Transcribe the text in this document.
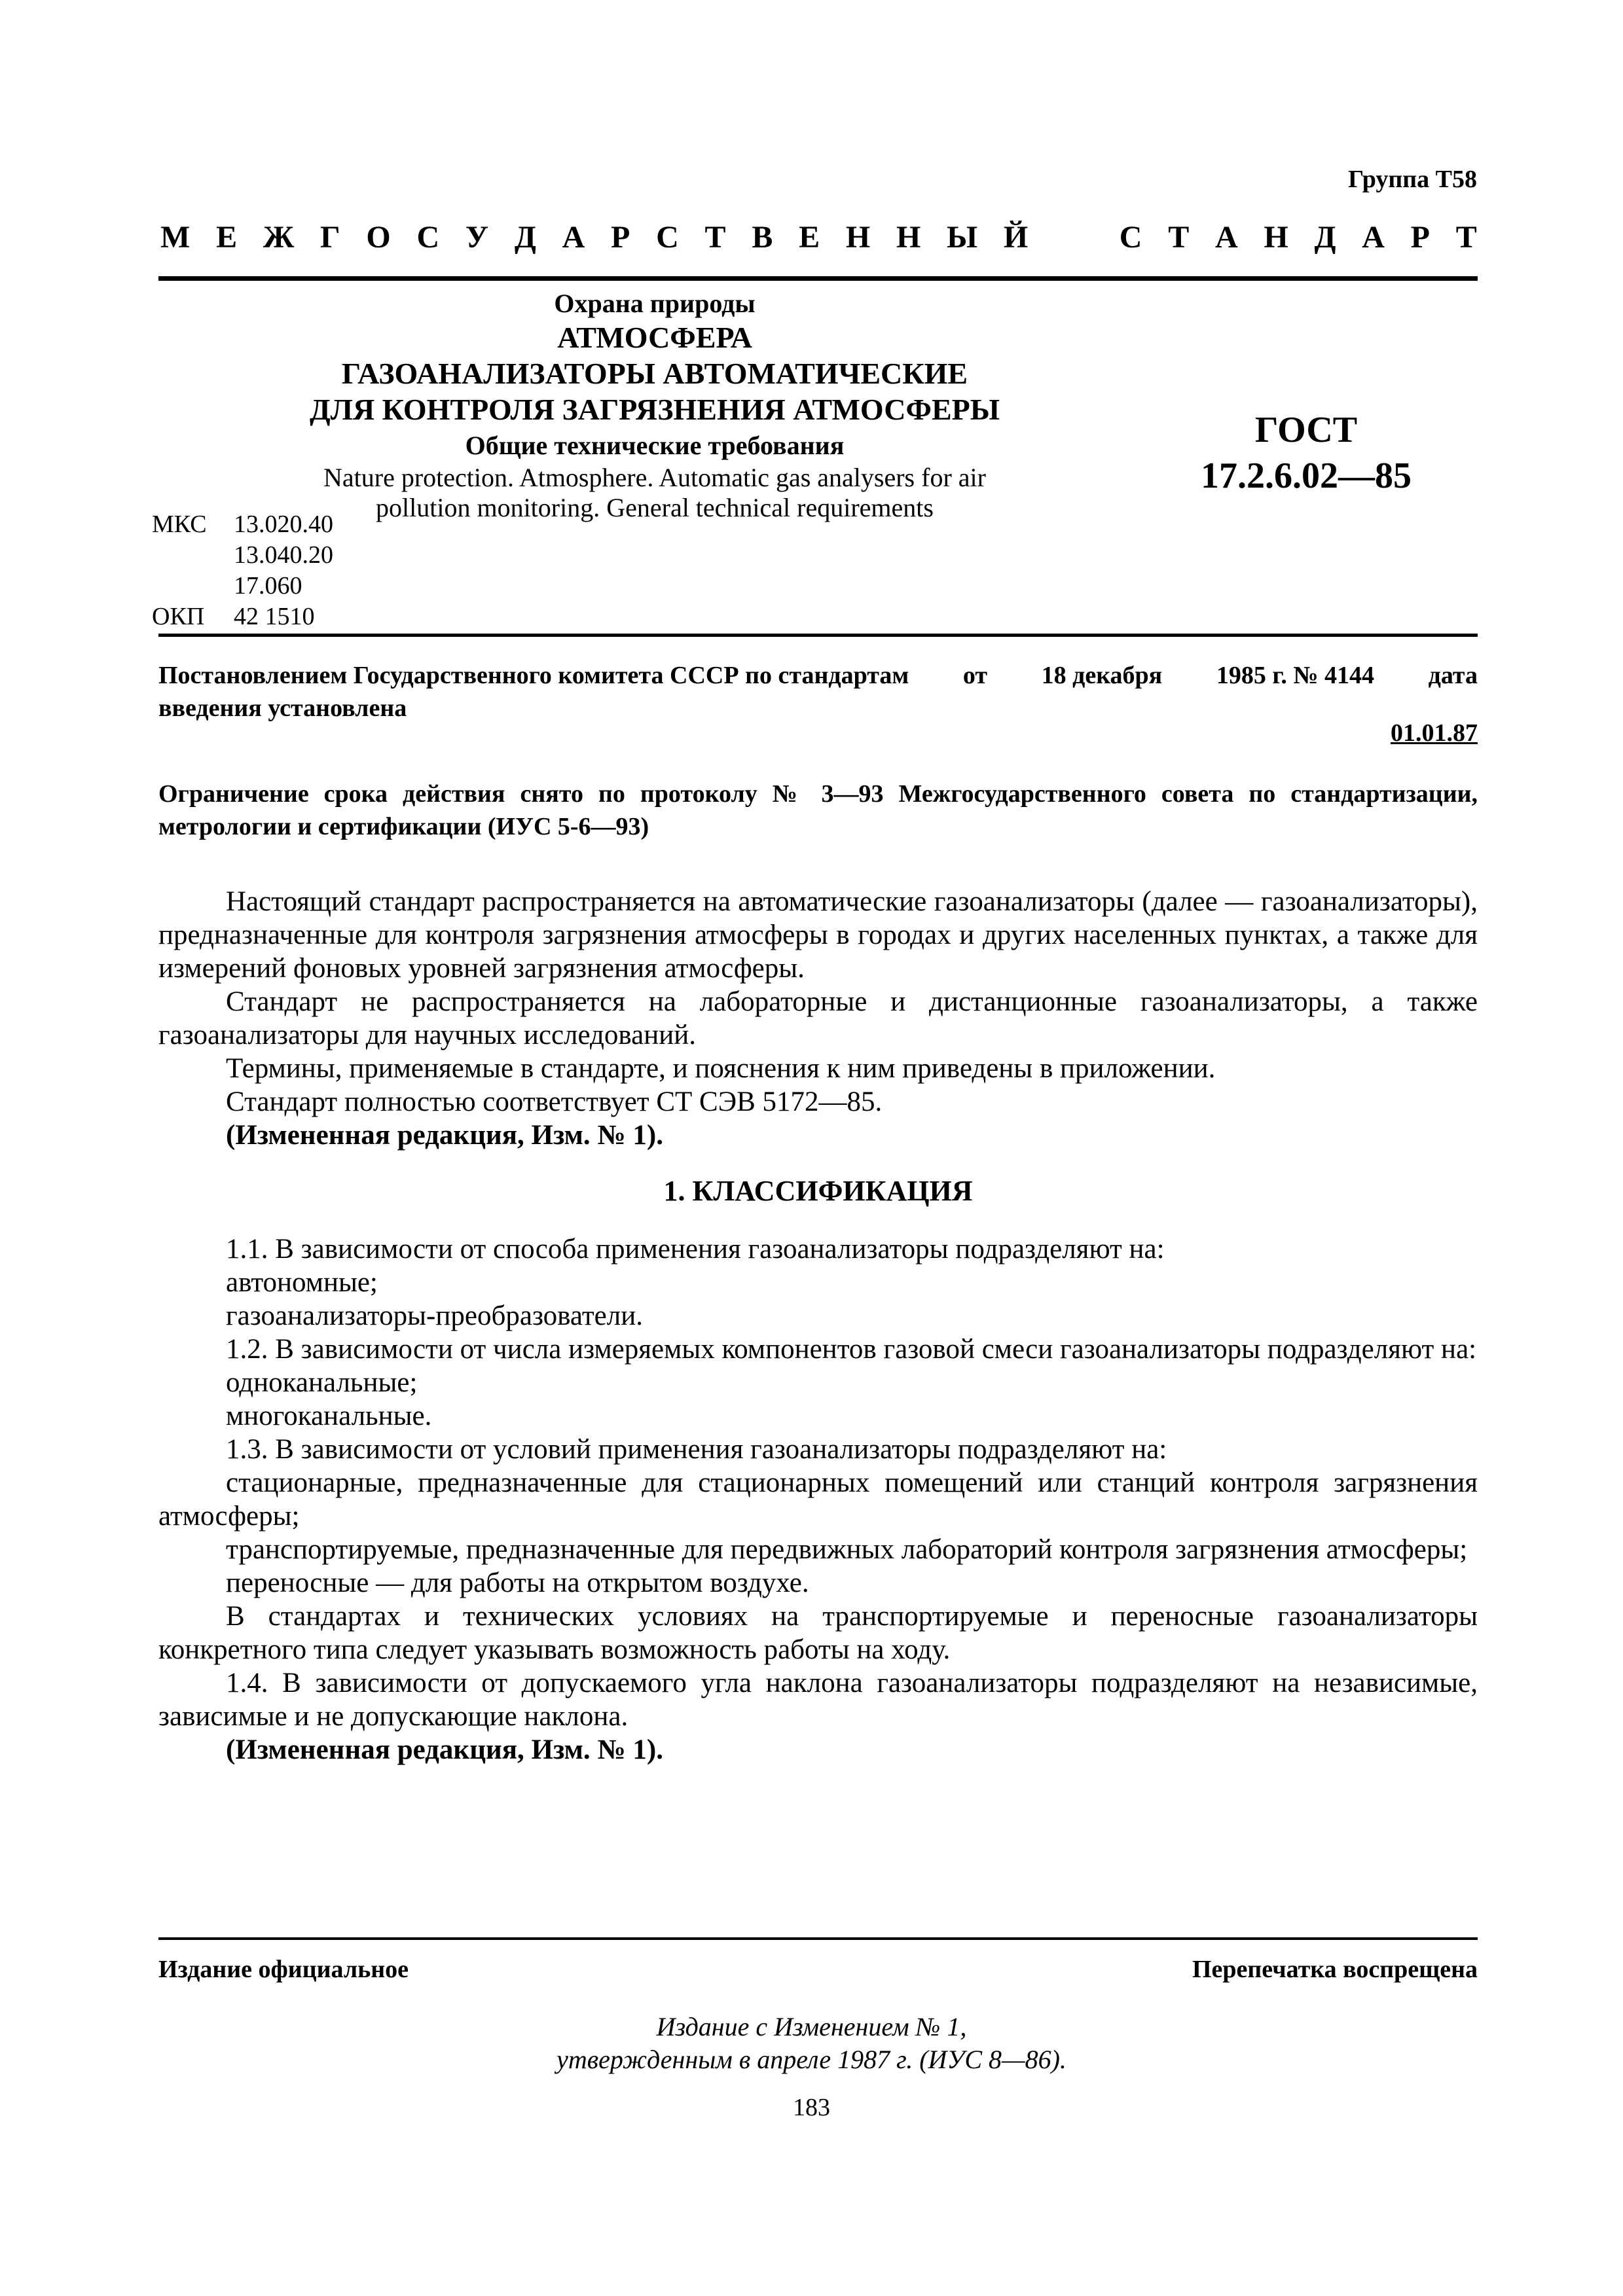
Группа Т58
М Е Ж Г О С У Д А Р С Т В Е Н Н Ы Й	С Т А Н Д А Р Т
Охрана природы
АТМОСФЕРА
ГАЗОАНАЛИЗАТОРЫ АВТОМАТИЧЕСКИЕ
ДЛЯ КОНТРОЛЯ ЗАГРЯЗНЕНИЯ АТМОСФЕРЫ
Общие технические требования
Nature protection. Atmosphere. Automatic gas analysers for air
pollution monitoring. General technical requirements
ГОСТ
17.2.6.02—85
МКС	13.020.40
13.040.20
17.060
ОКП	42 1510
Постановлением Государственного комитета СССР по стандартам от 18 декабря 1985 г. № 4144 дата
введения установлена
01.01.87
Ограничение срока действия снято по протоколу № 3—93 Межгосударственного совета по стандартизации, метрологии и сертификации (ИУС 5-6—93)

Настоящий стандарт распространяется на автоматические газоанализаторы (далее — газоанализаторы), предназначенные для контроля загрязнения атмосферы в городах и других населенных пунктах, а также для измерений фоновых уровней загрязнения атмосферы.

Стандарт не распространяется на лабораторные и дистанционные газоанализаторы, а также газоанализаторы для научных исследований.

Термины, применяемые в стандарте, и пояснения к ним приведены в приложении.

Стандарт полностью соответствует СТ СЭВ 5172—85.

(Измененная редакция, Изм. № 1).

1. КЛАССИФИКАЦИЯ

1.1. В зависимости от способа применения газоанализаторы подразделяют на:

автономные;

газоанализаторы-преобразователи.

1.2. В зависимости от числа измеряемых компонентов газовой смеси газоанализаторы подразделяют на:

одноканальные;

многоканальные.

1.3. В зависимости от условий применения газоанализаторы подразделяют на:

стационарные, предназначенные для стационарных помещений или станций контроля загрязнения атмосферы;

транспортируемые, предназначенные для передвижных лабораторий контроля загрязнения атмосферы;

переносные — для работы на открытом воздухе.

В стандартах и технических условиях на транспортируемые и переносные газоанализаторы конкретного типа следует указывать возможность работы на ходу.

1.4. В зависимости от допускаемого угла наклона газоанализаторы подразделяют на независимые, зависимые и не допускающие наклона.

(Измененная редакция, Изм. № 1).

Издание официальное	Перепечатка воспрещена
Издание с Изменением № 1,
утвержденным в апреле 1987 г. (ИУС 8—86).
183
